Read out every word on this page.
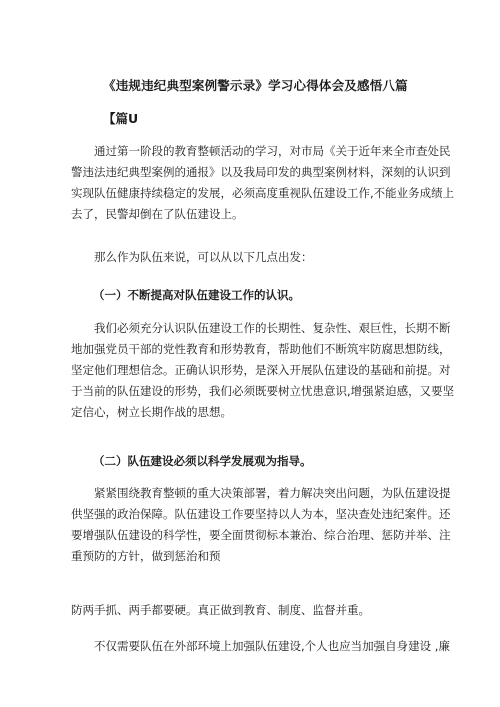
《违规违纪典型案例警示录》学习心得体会及感悟八篇
【篇U
通过第一阶段的教育整顿活动的学习，对市局《关于近年来全市查处民
警违法违纪典型案例的通报》以及我局印发的典型案例材料，深刻的认识到
实现队伍健康持续稳定的发展，必须高度重视队伍建设工作,不能业务成绩上
去了，民警却倒在了队伍建设上。
那么作为队伍来说，可以从以下几点出发：
（一）不断提高对队伍建设工作的认识。
我们必须充分认识队伍建设工作的长期性、复杂性、艰巨性，长期不断
地加强党员干部的党性教育和形势教育，帮助他们不断筑牢防腐思想防线，
坚定他们理想信念。正确认识形势，是深入开展队伍建设的基础和前提。对
于当前的队伍建设的形势，我们必须既要树立忧患意识,增强紧迫感，又要坚
定信心，树立长期作战的思想。
（二）队伍建设必须以科学发展观为指导。
紧紧围绕教育整顿的重大决策部署，着力解决突出问题，为队伍建设提
供坚强的政治保障。队伍建设工作要坚持以人为本，坚决查处违纪案件。还
要增强队伍建设的科学性，要全面贯彻标本兼治、综合治理、惩防并举、注
重预防的方针，做到惩治和预
防两手抓、两手都要硬。真正做到教育、制度、监督并重。
不仅需要队伍在外部环境上加强队伍建设,个人也应当加强自身建设 ,廉
